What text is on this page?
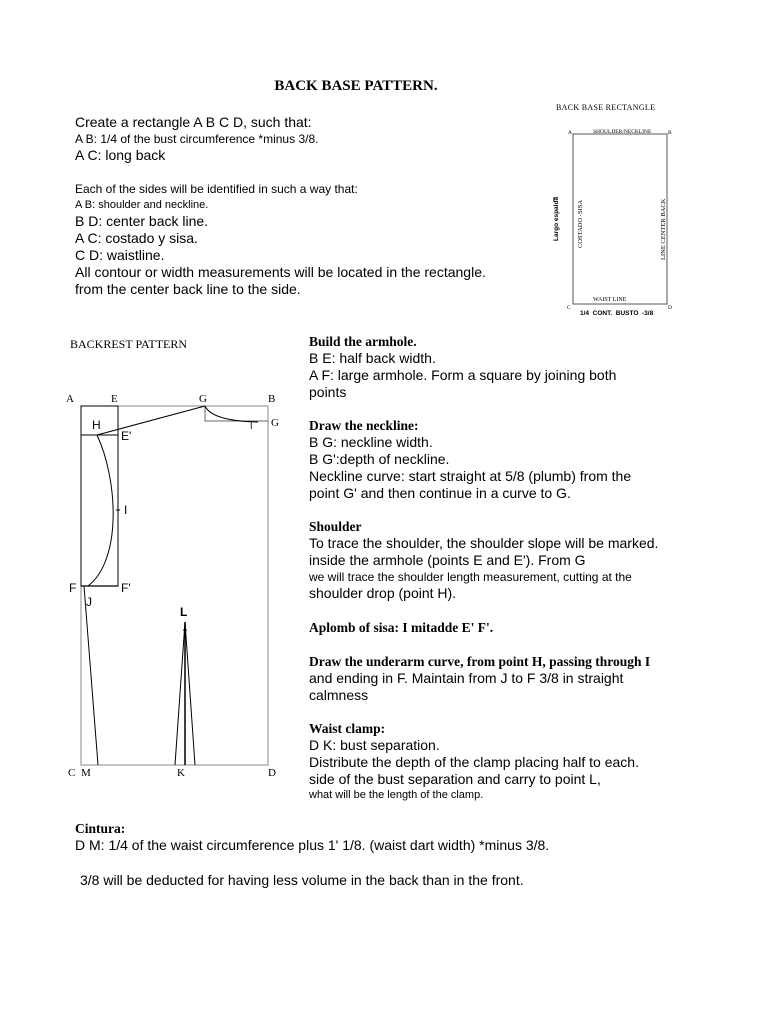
BACK BASE PATTERN.
Create a rectangle A B C D, such that:
A B: 1/4 of the bust circumference *minus 3/8.
A C: long back
Each of the sides will be identified in such a way that:
A B: shoulder and neckline.
B D: center back line.
A C: costado y sisa.
C D: waistline.
All contour or width measurements will be located in the rectangle.
from the center back line to the side.
BACK BASE RECTANGLE
A	B
C	D
SHOULDER/NECKLINE
WAIST LINE
1/4  CONT.  BUSTO  -3/8
Largo espalda	COSTADO -SISA	LINE CENTER BACK
BACKREST PATTERN
A	E	G	B
G
H
E'
I
I
F	F'
J
L
C M	K	D
Build the armhole.
B E: half back width.
A F: large armhole. Form a square by joining both
points
Draw the neckline:
B G: neckline width.
B G':depth of neckline.
Neckline curve: start straight at 5/8 (plumb) from the
point G' and then continue in a curve to G.
Shoulder
To trace the shoulder, the shoulder slope will be marked.
inside the armhole (points E and E'). From G
we will trace the shoulder length measurement, cutting at the
shoulder drop (point H).
Aplomb of sisa: I mitadde E' F'.
Draw the underarm curve, from point H, passing through I
and ending in F. Maintain from J to F 3/8 in straight
calmness
Waist clamp:
D K: bust separation.
Distribute the depth of the clamp placing half to each.
side of the bust separation and carry to point L,
what will be the length of the clamp.
Cintura:
D M: 1/4 of the waist circumference plus 1' 1/8. (waist dart width) *minus 3/8.
3/8 will be deducted for having less volume in the back than in the front.
